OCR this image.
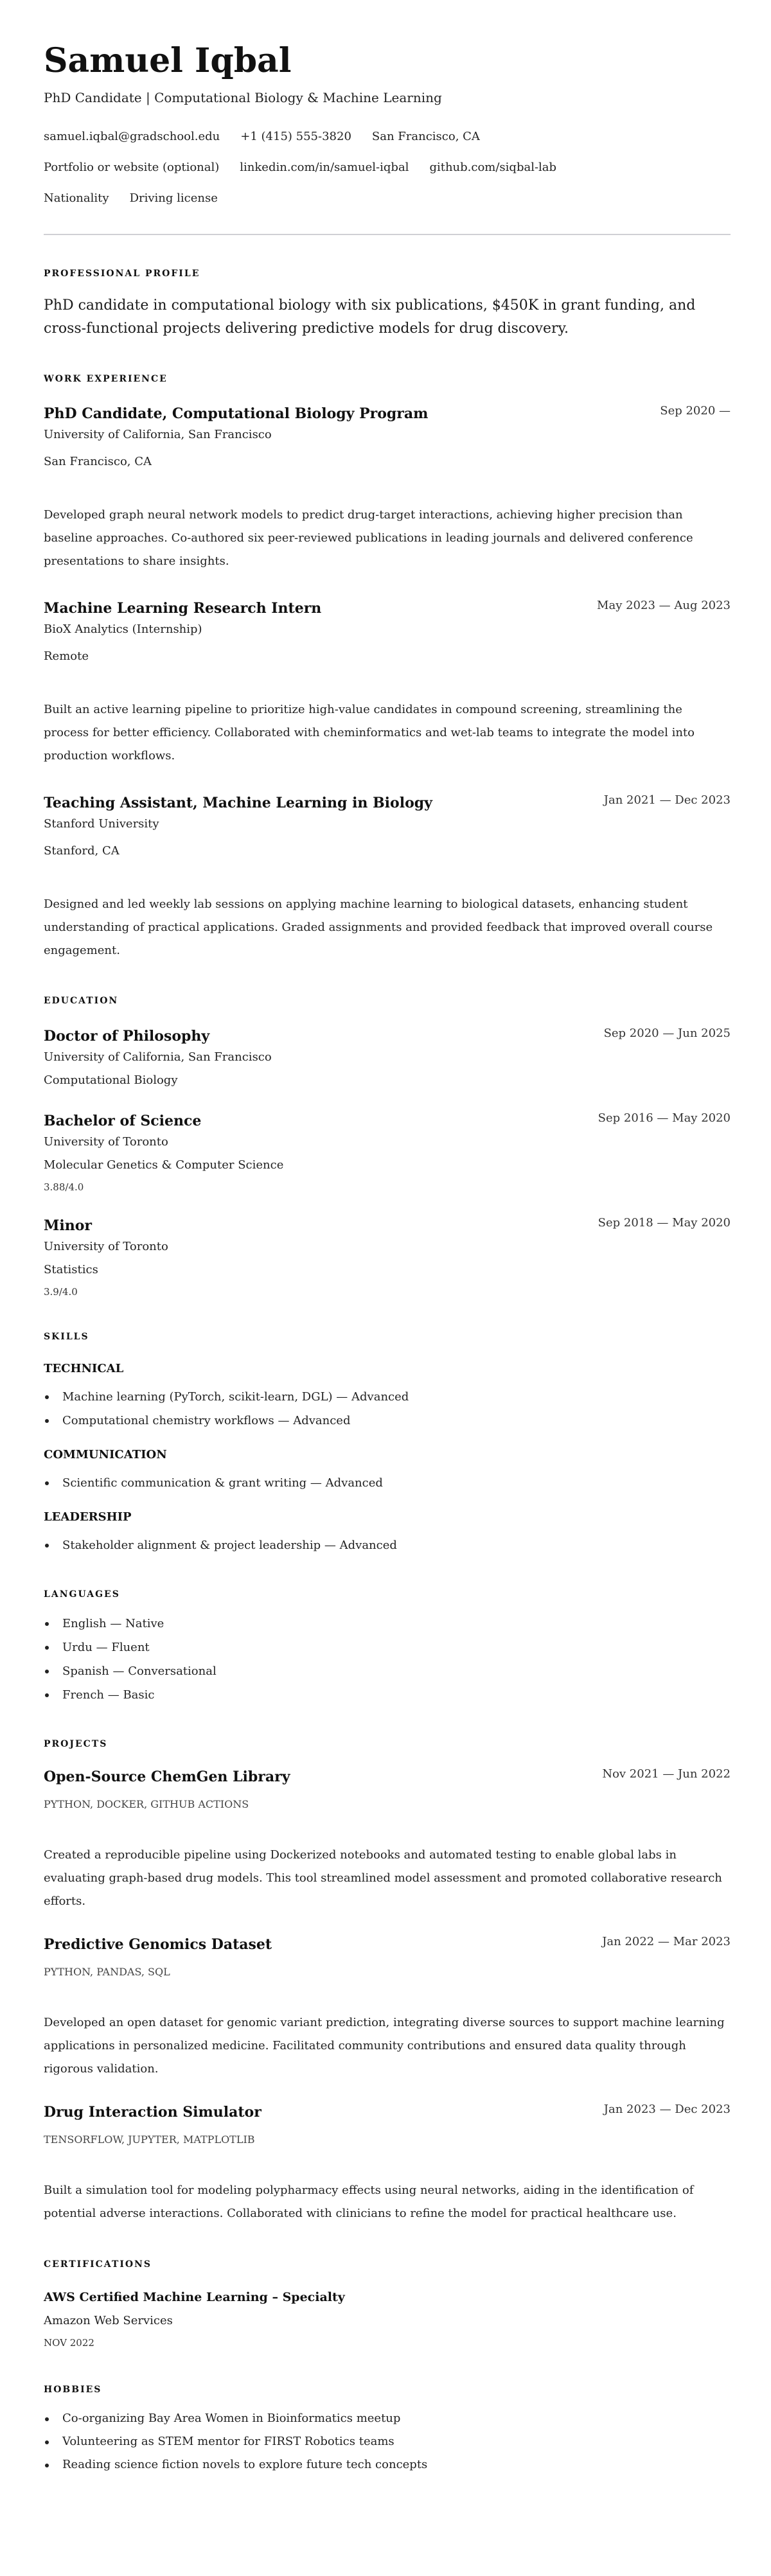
Samuel Iqbal
PhD Candidate | Computational Biology & Machine Learning
samuel.iqbal@gradschool.edu +1 (415) 555-3820 San Francisco, CA
Portfolio or website (optional) linkedin.com/in/samuel-iqbal github.com/siqbal-lab
Nationality Driving license
PROFESSIONAL PROFILE

PhD candidate in computational biology with six publications, $450K in grant funding, and cross-functional projects delivering predictive models for drug discovery.

WORK EXPERIENCE
PhD Candidate, Computational Biology Program	Sep 2020 —
University of California, San Francisco
San Francisco, CA
Developed graph neural network models to predict drug-target interactions, achieving higher precision than baseline approaches. Co-authored six peer-reviewed publications in leading journals and delivered conference presentations to share insights.
Machine Learning Research Intern	May 2023 — Aug 2023
BioX Analytics (Internship)
Remote
Built an active learning pipeline to prioritize high-value candidates in compound screening, streamlining the process for better efficiency. Collaborated with cheminformatics and wet-lab teams to integrate the model into production workflows.
Teaching Assistant, Machine Learning in Biology	Jan 2021 — Dec 2023
Stanford University
Stanford, CA
Designed and led weekly lab sessions on applying machine learning to biological datasets, enhancing student understanding of practical applications. Graded assignments and provided feedback that improved overall course engagement.
EDUCATION
Doctor of Philosophy	Sep 2020 — Jun 2025
University of California, San Francisco
Computational Biology
Bachelor of Science	Sep 2016 — May 2020
University of Toronto
Molecular Genetics & Computer Science
3.88/4.0
Minor	Sep 2018 — May 2020
University of Toronto
Statistics
3.9/4.0
SKILLS
TECHNICAL
Machine learning (PyTorch, scikit-learn, DGL) — Advanced
Computational chemistry workflows — Advanced
COMMUNICATION
Scientific communication & grant writing — Advanced
LEADERSHIP
Stakeholder alignment & project leadership — Advanced
LANGUAGES
English — Native
Urdu — Fluent
Spanish — Conversational
French — Basic
PROJECTS
Open-Source ChemGen Library	Nov 2021 — Jun 2022
PYTHON, DOCKER, GITHUB ACTIONS
Created a reproducible pipeline using Dockerized notebooks and automated testing to enable global labs in evaluating graph-based drug models. This tool streamlined model assessment and promoted collaborative research efforts.
Predictive Genomics Dataset	Jan 2022 — Mar 2023
PYTHON, PANDAS, SQL
Developed an open dataset for genomic variant prediction, integrating diverse sources to support machine learning applications in personalized medicine. Facilitated community contributions and ensured data quality through rigorous validation.
Drug Interaction Simulator	Jan 2023 — Dec 2023
TENSORFLOW, JUPYTER, MATPLOTLIB
Built a simulation tool for modeling polypharmacy effects using neural networks, aiding in the identification of potential adverse interactions. Collaborated with clinicians to refine the model for practical healthcare use.
CERTIFICATIONS
AWS Certified Machine Learning – Specialty
Amazon Web Services
NOV 2022
HOBBIES
Co-organizing Bay Area Women in Bioinformatics meetup
Volunteering as STEM mentor for FIRST Robotics teams
Reading science fiction novels to explore future tech concepts
